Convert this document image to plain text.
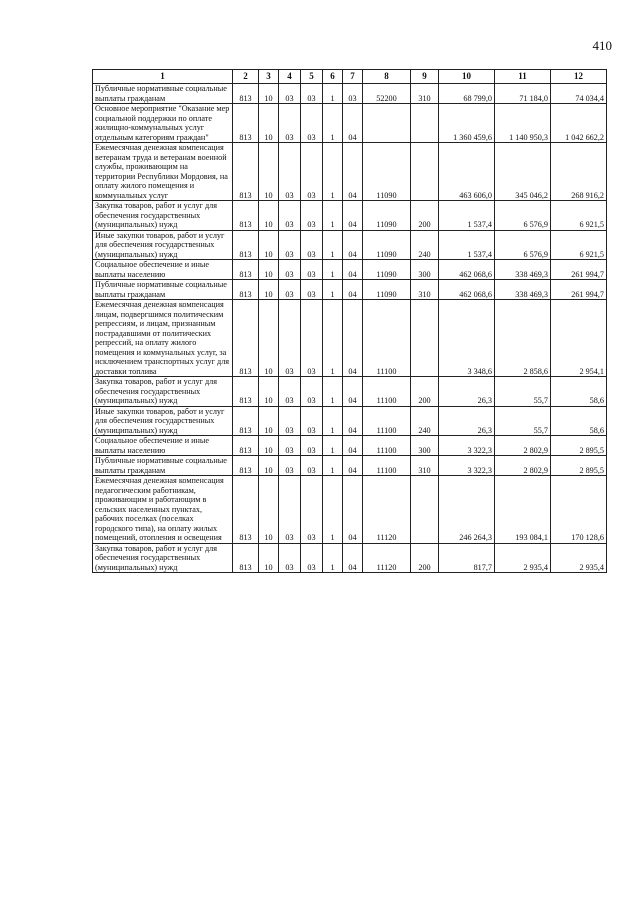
410
1	2	3	4	5	6	7	8	9	10	11	12
Публичные нормативные социальные выплаты гражданам	813	10	03	03	1	03	52200	310	68 799,0	71 184,0	74 034,4
Основное мероприятие "Оказание мер социальной поддержки по оплате жилищно-коммунальных услуг отдельным категориям граждан"	813	10	03	03	1	04			1 360 459,6	1 140 950,3	1 042 662,2
Ежемесячная денежная компенсация ветеранам труда и ветеранам военной службы, проживающим на территории Республики Мордовия, на оплату жилого помещения и коммунальных услуг	813	10	03	03	1	04	11090		463 606,0	345 046,2	268 916,2
Закупка товаров, работ и услуг для обеспечения государственных (муниципальных) нужд	813	10	03	03	1	04	11090	200	1 537,4	6 576,9	6 921,5
Иные закупки товаров, работ и услуг для обеспечения государственных (муниципальных) нужд	813	10	03	03	1	04	11090	240	1 537,4	6 576,9	6 921,5
Социальное обеспечение и иные выплаты населению	813	10	03	03	1	04	11090	300	462 068,6	338 469,3	261 994,7
Публичные нормативные социальные выплаты гражданам	813	10	03	03	1	04	11090	310	462 068,6	338 469,3	261 994,7
Ежемесячная денежная компенсация лицам, подвергшимся политическим репрессиям, и лицам, признанным пострадавшими от политических репрессий, на оплату жилого помещения и коммунальных услуг, за исключением транспортных услуг для доставки топлива	813	10	03	03	1	04	11100		3 348,6	2 858,6	2 954,1
Закупка товаров, работ и услуг для обеспечения государственных (муниципальных) нужд	813	10	03	03	1	04	11100	200	26,3	55,7	58,6
Иные закупки товаров, работ и услуг для обеспечения государственных (муниципальных) нужд	813	10	03	03	1	04	11100	240	26,3	55,7	58,6
Социальное обеспечение и иные выплаты населению	813	10	03	03	1	04	11100	300	3 322,3	2 802,9	2 895,5
Публичные нормативные социальные выплаты гражданам	813	10	03	03	1	04	11100	310	3 322,3	2 802,9	2 895,5
Ежемесячная денежная компенсация педагогическим работникам, проживающим и работающим в сельских населенных пунктах, рабочих поселках (поселках городского типа), на оплату жилых помещений, отопления и освещения	813	10	03	03	1	04	11120		246 264,3	193 084,1	170 128,6
Закупка товаров, работ и услуг для обеспечения государственных (муниципальных) нужд	813	10	03	03	1	04	11120	200	817,7	2 935,4	2 935,4
